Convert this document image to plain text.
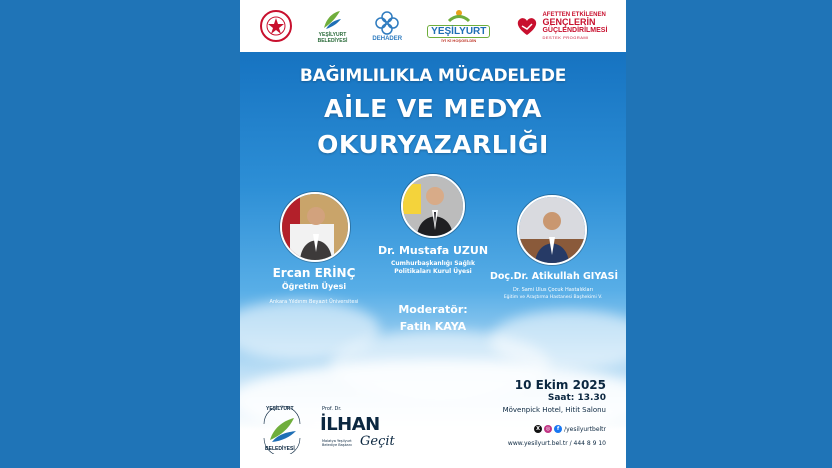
YEŞİLYURT
BELEDİYESİ	DEHADER
YEŞİLYURT
İYİ Kİ HOŞGELDİN
AFETTEN ETKİLENEN
GENÇLERİN
GÜÇLENDİRİLMESİ
DESTEK PROGRAMI
BAĞIMLILIKLA MÜCADELEDE
AİLE VE MEDYA
OKURYAZARLIĞI
Ercan ERİNÇ
Öğretim Üyesi
Ankara Yıldırım Beyazıt Üniversitesi
Dr. Mustafa UZUN
Cumhurbaşkanlığı Sağlık
Politikaları Kurul Üyesi	Doç.Dr. Atikullah GIYASİ
Dr. Sami Ulus Çocuk Hastalıkları
Eğitim ve Araştırma Hastanesi Başhekimi V.
Moderatör:
Fatih KAYA
YEŞİLYURT
BELEDİYESİ
Prof. Dr.
İLHAN
Malatya Yeşilyurt Belediye Başkanı Geçit
10 Ekim 2025
Saat: 13.30
Mövenpick Hotel, Hitit Salonu
X	◎	f /yesilyurtbeltr
www.yesilyurt.bel.tr / 444 8 9 10
